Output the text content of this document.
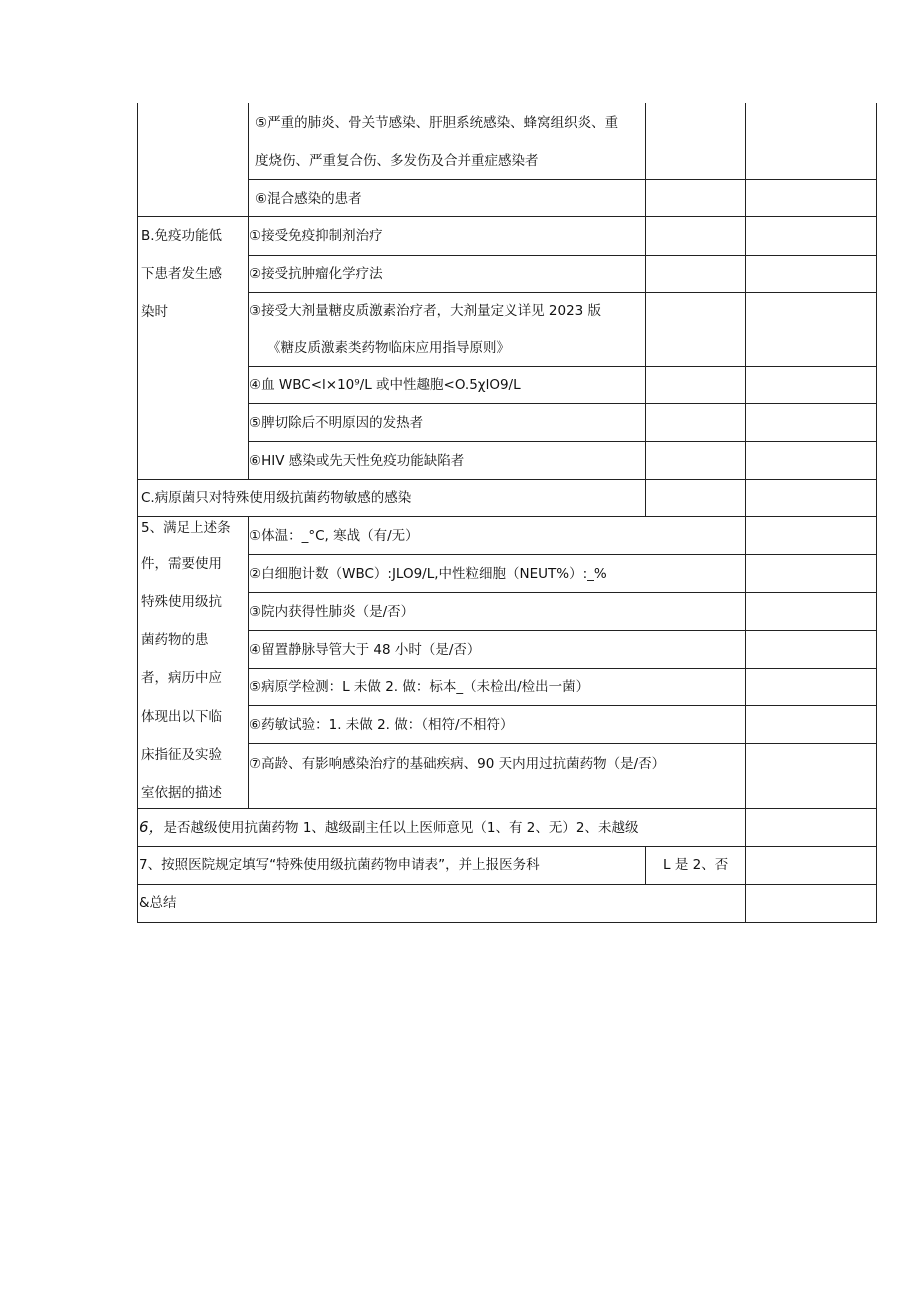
⑤严重的肺炎、骨关节感染、肝胆系统感染、蜂窝组织炎、重
度烧伤、严重复合伤、多发伤及合并重症感染者
⑥混合感染的患者
B.免疫功能低
下患者发生感
染时
①接受免疫抑制剂治疗
②接受抗肿瘤化学疗法
③接受大剂量糖皮质激素治疗者，大剂量定义详见 2023 版
《糖皮质激素类药物临床应用指导原则》
④血 WBC<l×10⁹/L 或中性趣胞<O.5χlO9/L
⑤脾切除后不明原因的发热者
⑥HIV 感染或先天性免疫功能缺陷者
C.病原菌只对特殊使用级抗菌药物敏感的感染
5、满足上述条
件，需要使用
特殊使用级抗
菌药物的患
者，病历中应
体现出以下临
床指征及实验
室依据的描述
①体温：_°C, 寒战（有/无）
②白细胞计数（WBC）:JLO9/L,中性粒细胞（NEUT%）:_%
③院内获得性肺炎（是/否）
④留置静脉导管大于 48 小时（是/否）
⑤病原学检测：L 未做 2. 做：标本_（未检出/检出一菌）
⑥药敏试验：1. 未做 2. 做：（相符/不相符）
⑦高龄、有影响感染治疗的基础疾病、90 天内用过抗菌药物（是/否）
6，是否越级使用抗菌药物 1、越级副主任以上医师意见（1、有 2、无）2、未越级
7、按照医院规定填写“特殊使用级抗菌药物申请表”，并上报医务科	L 是 2、否
&总结
